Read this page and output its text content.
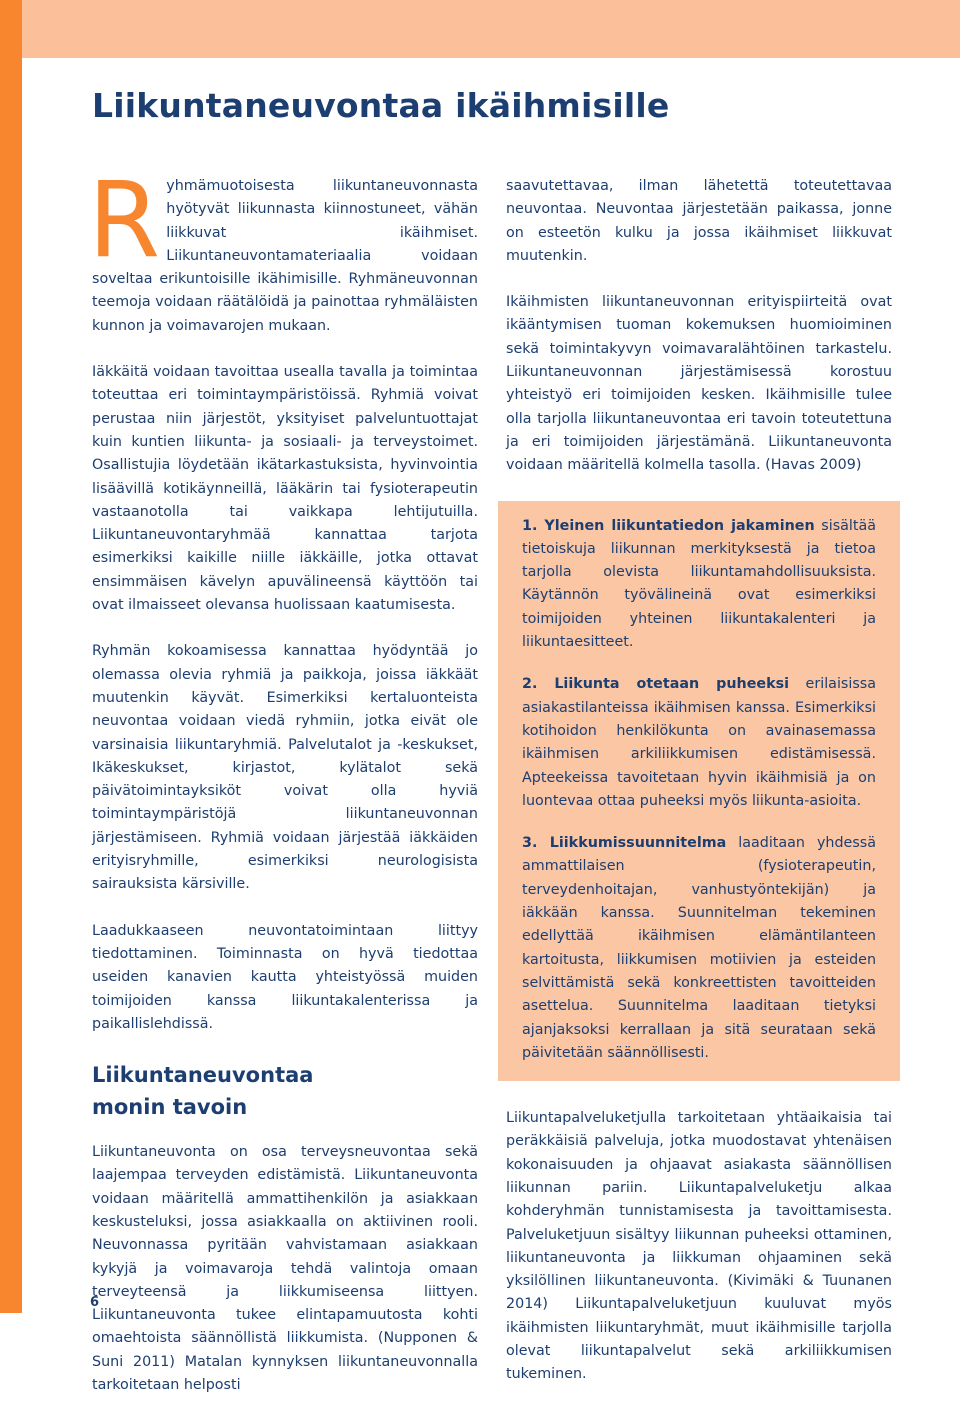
Liikuntaneuvontaa ikäihmisille

Ryhmämuotoisesta liikuntaneuvonnasta hyötyvät liikunnasta kiinnostuneet, vähän liikkuvat ikäihmiset. Liikuntaneuvontamateriaalia voidaan soveltaa erikuntoisille ikähimisille. Ryhmäneuvonnan teemoja voidaan räätälöidä ja painottaa ryhmäläisten kunnon ja voimavarojen mukaan.

Iäkkäitä voidaan tavoittaa usealla tavalla ja toimintaa toteuttaa eri toimintaympäristöissä. Ryhmiä voivat perustaa niin järjestöt, yksityiset palveluntuottajat kuin kuntien liikunta- ja sosiaali- ja terveystoimet. Osallistujia löydetään ikätarkastuksista, hyvinvointia lisäävillä kotikäynneillä, lääkärin tai fysioterapeutin vastaanotolla tai vaikkapa lehtijutuilla. Liikuntaneuvontaryhmää kannattaa tarjota esimerkiksi kaikille niille iäkkäille, jotka ottavat ensimmäisen kävelyn apuvälineensä käyttöön tai ovat ilmaisseet olevansa huolissaan kaatumisesta.

Ryhmän kokoamisessa kannattaa hyödyntää jo olemassa olevia ryhmiä ja paikkoja, joissa iäkkäät muutenkin käyvät. Esimerkiksi kertaluonteista neuvontaa voidaan viedä ryhmiin, jotka eivät ole varsinaisia liikuntaryhmiä. Palvelutalot ja -keskukset, Ikäkeskukset, kirjastot, kylätalot sekä päivätoimintayksiköt voivat olla hyviä toimintaympäristöjä liikuntaneuvonnan järjestämiseen. Ryhmiä voidaan järjestää iäkkäiden erityisryhmille, esimerkiksi neurologisista sairauksista kärsiville.

Laadukkaaseen neuvontatoimintaan liittyy tiedottaminen. Toiminnasta on hyvä tiedottaa useiden kanavien kautta yhteistyössä muiden toimijoiden kanssa liikuntakalenterissa ja paikallislehdissä.

Liikuntaneuvontaa
monin tavoin

Liikuntaneuvonta on osa terveysneuvontaa sekä laajempaa terveyden edistämistä. Liikuntaneuvonta voidaan määritellä ammattihenkilön ja asiakkaan keskusteluksi, jossa asiakkaalla on aktiivinen rooli. Neuvonnassa pyritään vahvistamaan asiakkaan kykyjä ja voimavaroja tehdä valintoja omaan terveyteensä ja liikkumiseensa liittyen. Liikuntaneuvonta tukee elintapamuutosta kohti omaehtoista säännöllistä liikkumista. (Nupponen & Suni 2011) Matalan kynnyksen liikuntaneuvonnalla tarkoitetaan helposti

saavutettavaa, ilman lähetettä toteutettavaa neuvontaa. Neuvontaa järjestetään paikassa, jonne on esteetön kulku ja jossa ikäihmiset liikkuvat muutenkin.

Ikäihmisten liikuntaneuvonnan erityispiirteitä ovat ikääntymisen tuoman kokemuksen huomioiminen sekä toimintakyvyn voimavaralähtöinen tarkastelu. Liikuntaneuvonnan järjestämisessä korostuu yhteistyö eri toimijoiden kesken. Ikäihmisille tulee olla tarjolla liikuntaneuvontaa eri tavoin toteutettuna ja eri toimijoiden järjestämänä. Liikuntaneuvonta voidaan määritellä kolmella tasolla. (Havas 2009)

1. Yleinen liikuntatiedon jakaminen sisältää tietoiskuja liikunnan merkityksestä ja tietoa tarjolla olevista liikuntamahdollisuuksista. Käytännön työvälineinä ovat esimerkiksi toimijoiden yhteinen liikuntakalenteri ja liikuntaesitteet.

2. Liikunta otetaan puheeksi erilaisissa asiakastilanteissa ikäihmisen kanssa. Esimerkiksi kotihoidon henkilökunta on avainasemassa ikäihmisen arkiliikkumisen edistämisessä. Apteekeissa tavoitetaan hyvin ikäihmisiä ja on luontevaa ottaa puheeksi myös liikunta-asioita.

3. Liikkumissuunnitelma laaditaan yhdessä ammattilaisen (fysioterapeutin, terveydenhoitajan, vanhustyöntekijän) ja iäkkään kanssa. Suunnitelman tekeminen edellyttää ikäihmisen elämäntilanteen kartoitusta, liikkumisen motiivien ja esteiden selvittämistä sekä konkreettisten tavoitteiden asettelua. Suunnitelma laaditaan tietyksi ajanjaksoksi kerrallaan ja sitä seurataan sekä päivitetään säännöllisesti.

Liikuntapalveluketjulla tarkoitetaan yhtäaikaisia tai peräkkäisiä palveluja, jotka muodostavat yhtenäisen kokonaisuuden ja ohjaavat asiakasta säännöllisen liikunnan pariin. Liikuntapalveluketju alkaa kohderyhmän tunnistamisesta ja tavoittamisesta. Palveluketjuun sisältyy liikunnan puheeksi ottaminen, liikuntaneuvonta ja liikkuman ohjaaminen sekä yksilöllinen liikuntaneuvonta. (Kivimäki & Tuunanen 2014) Liikuntapalveluketjuun kuuluvat myös ikäihmisten liikuntaryhmät, muut ikäihmisille tarjolla olevat liikuntapalvelut sekä arkiliikkumisen tukeminen.

6
